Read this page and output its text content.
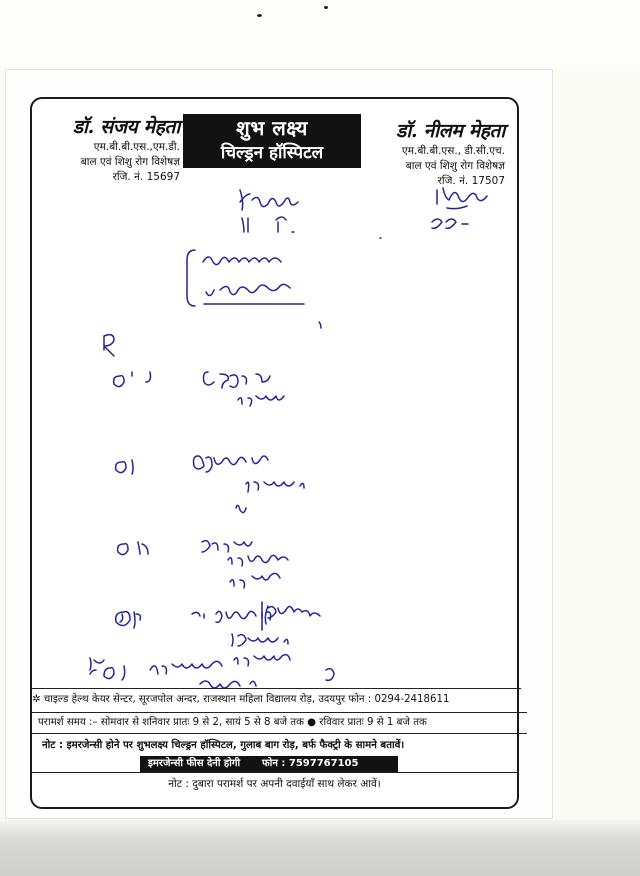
डॉ. संजय मेहता
एम.बी.बी.एस.,एम.डी.
बाल एवं शिशु रोग विशेषज्ञ
रजि. नं. 15697
शुभ लक्ष्य
चिल्ड्रन हॉस्पिटल
डॉ. नीलम मेहता
एम.बी.बी.एस., डी.सी.एच.
बाल एवं शिशु रोग विशेषज्ञ
रजि. नं. 17507
✲ चाइल्ड हेल्थ केयर सेन्टर, सूरजपोल अन्दर, राजस्थान महिला विद्यालय रोड़, उदयपुर फोन : 0294-2418611
परामर्श समय :– सोमवार से शनिवार प्रातः 9 से 2, सायं 5 से 8 बजे तक ● रविवार प्रातः 9 से 1 बजे तक
नोट : इमरजेन्सी होने पर शुभलक्ष्य चिल्ड्रन हॉस्पिटल, गुलाब बाग रोड़, बर्फ फैक्ट्री के सामने बतावें।
इमरजेन्सी फीस देनी होगी फोन : 7597767105
नोट : दुबारा परामर्श पर अपनी दवाईयाँ साथ लेकर आवें।
